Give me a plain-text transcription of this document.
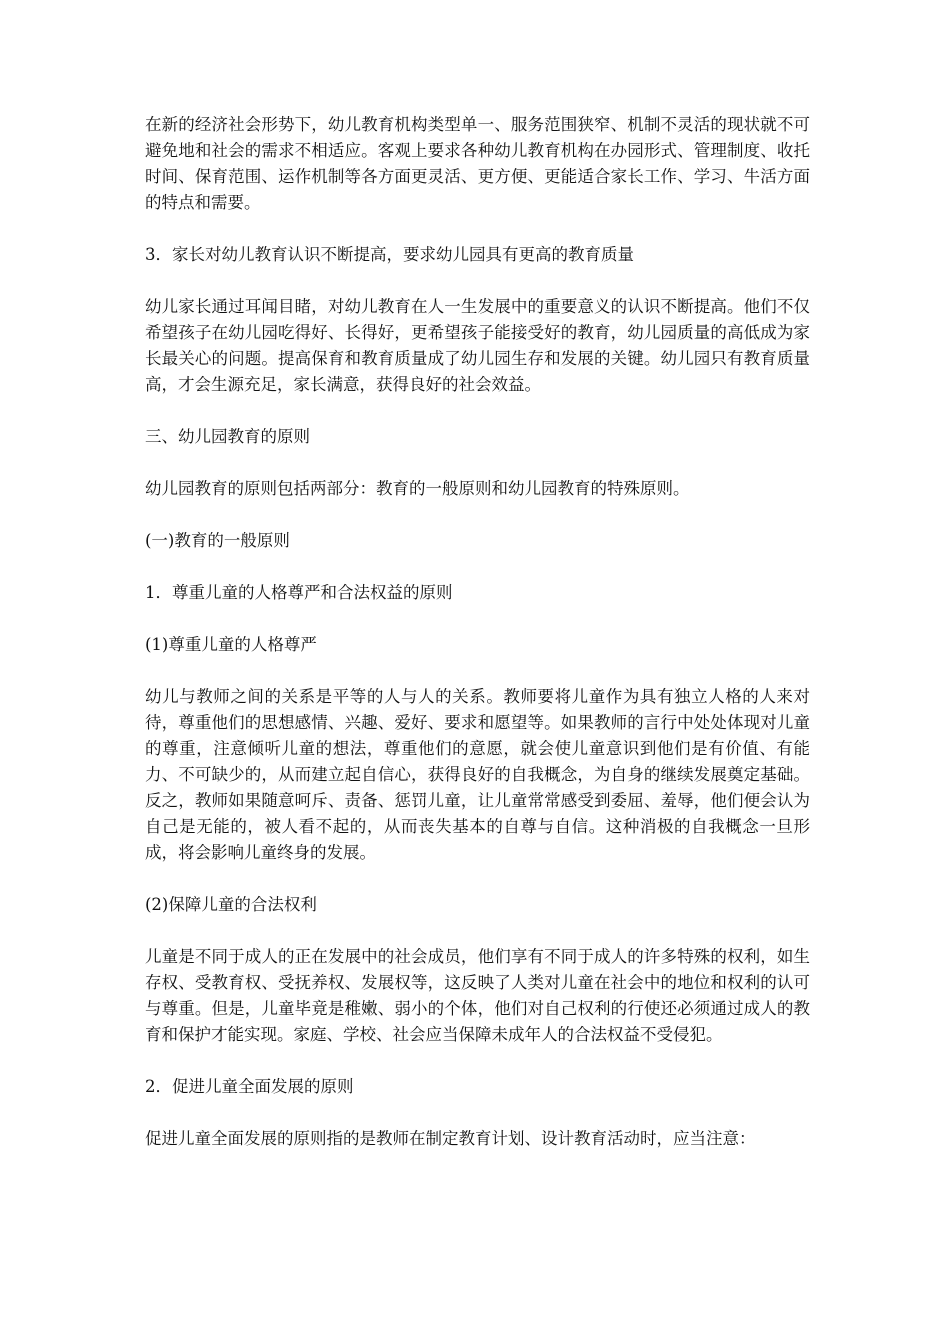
在新的经济社会形势下，幼儿教育机构类型单一、服务范围狭窄、机制不灵活的现状就不可避免地和社会的需求不相适应。客观上要求各种幼儿教育机构在办园形式、管理制度、收托时间、保育范围、运作机制等各方面更灵活、更方便、更能适合家长工作、学习、牛活方面的特点和需要。

3．家长对幼儿教育认识不断提高，要求幼儿园具有更高的教育质量

幼儿家长通过耳闻目睹，对幼儿教育在人一生发展中的重要意义的认识不断提高。他们不仅希望孩子在幼儿园吃得好、长得好，更希望孩子能接受好的教育，幼儿园质量的高低成为家长最关心的问题。提高保育和教育质量成了幼儿园生存和发展的关键。幼儿园只有教育质量高，才会生源充足，家长满意，获得良好的社会效益。

三、幼儿园教育的原则

幼儿园教育的原则包括两部分：教育的一般原则和幼儿园教育的特殊原则。

(一)教育的一般原则

1．尊重儿童的人格尊严和合法权益的原则

(1)尊重儿童的人格尊严

幼儿与教师之间的关系是平等的人与人的关系。教师要将儿童作为具有独立人格的人来对待，尊重他们的思想感情、兴趣、爱好、要求和愿望等。如果教师的言行中处处体现对儿童的尊重，注意倾听儿童的想法，尊重他们的意愿，就会使儿童意识到他们是有价值、有能力、不可缺少的，从而建立起自信心，获得良好的自我概念，为自身的继续发展奠定基础。反之，教师如果随意呵斥、责备、惩罚儿童，让儿童常常感受到委屈、羞辱，他们便会认为自己是无能的，被人看不起的，从而丧失基本的自尊与自信。这种消极的自我概念一旦形成，将会影响儿童终身的发展。

(2)保障儿童的合法权利

儿童是不同于成人的正在发展中的社会成员，他们享有不同于成人的许多特殊的权利，如生存权、受教育权、受抚养权、发展权等，这反映了人类对儿童在社会中的地位和权利的认可与尊重。但是，儿童毕竟是稚嫩、弱小的个体，他们对自己权利的行使还必须通过成人的教育和保护才能实现。家庭、学校、社会应当保障未成年人的合法权益不受侵犯。

2．促进儿童全面发展的原则

促进儿童全面发展的原则指的是教师在制定教育计划、设计教育活动时，应当注意：
